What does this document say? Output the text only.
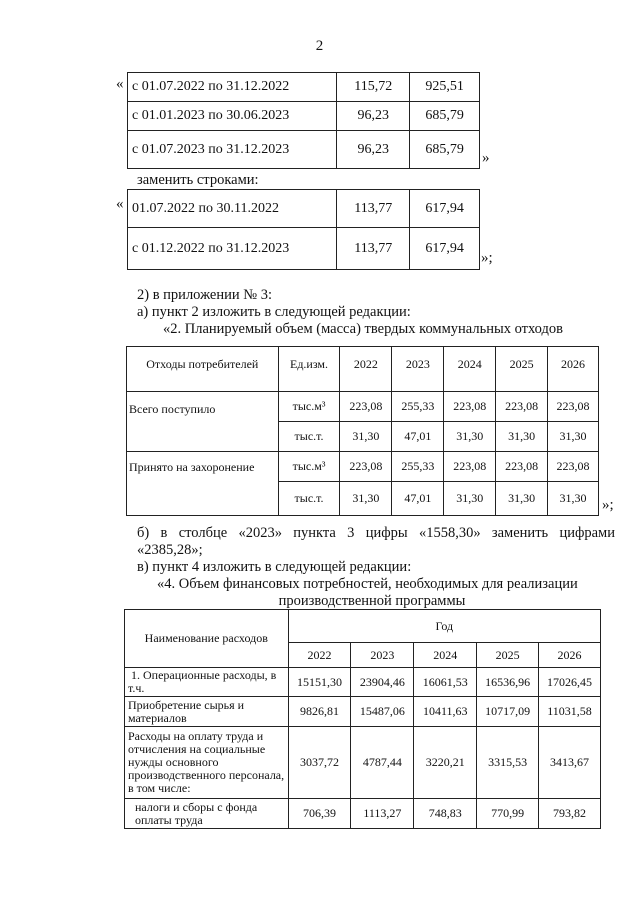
2
« с 01.07.2022 по 31.12.2022	115,72	925,51
с 01.01.2023 по 30.06.2023	96,23	685,79
с 01.07.2023 по 31.12.2023	96,23	685,79
»
заменить строками:
« 01.07.2022 по 30.11.2022	113,77	617,94
с 01.12.2022 по 31.12.2023	113,77	617,94
»;
2) в приложении № 3:
а) пункт 2 изложить в следующей редакции:
«2. Планируемый объем (масса) твердых коммунальных отходов
Отходы потребителей	Ед.изм.	2022	2023	2024	2025	2026
Всего поступило	тыс.м³	223,08	255,33	223,08	223,08	223,08
	тыс.т.	31,30	47,01	31,30	31,30	31,30
Принято на захоронение	тыс.м³	223,08	255,33	223,08	223,08	223,08
	тыс.т.	31,30	47,01	31,30	31,30	31,30 »;
б) в столбце «2023» пункта 3 цифры «1558,30» заменить цифрами
«2385,28»;
в) пункт 4 изложить в следующей редакции:
«4. Объем финансовых потребностей, необходимых для реализации
производственной программы
Наименование расходов	Год				
	2022	2023	2024	2025	2026
1. Операционные расходы, в т.ч.	15151,30	23904,46	16061,53	16536,96	17026,45
Приобретение сырья и материалов	9826,81	15487,06	10411,63	10717,09	11031,58
Расходы на оплату труда и отчисления на социальные нужды основного производственного персонала, в том числе:	3037,72	4787,44	3220,21	3315,53	3413,67
налоги и сборы с фонда оплаты труда	706,39	1113,27	748,83	770,99	793,82
